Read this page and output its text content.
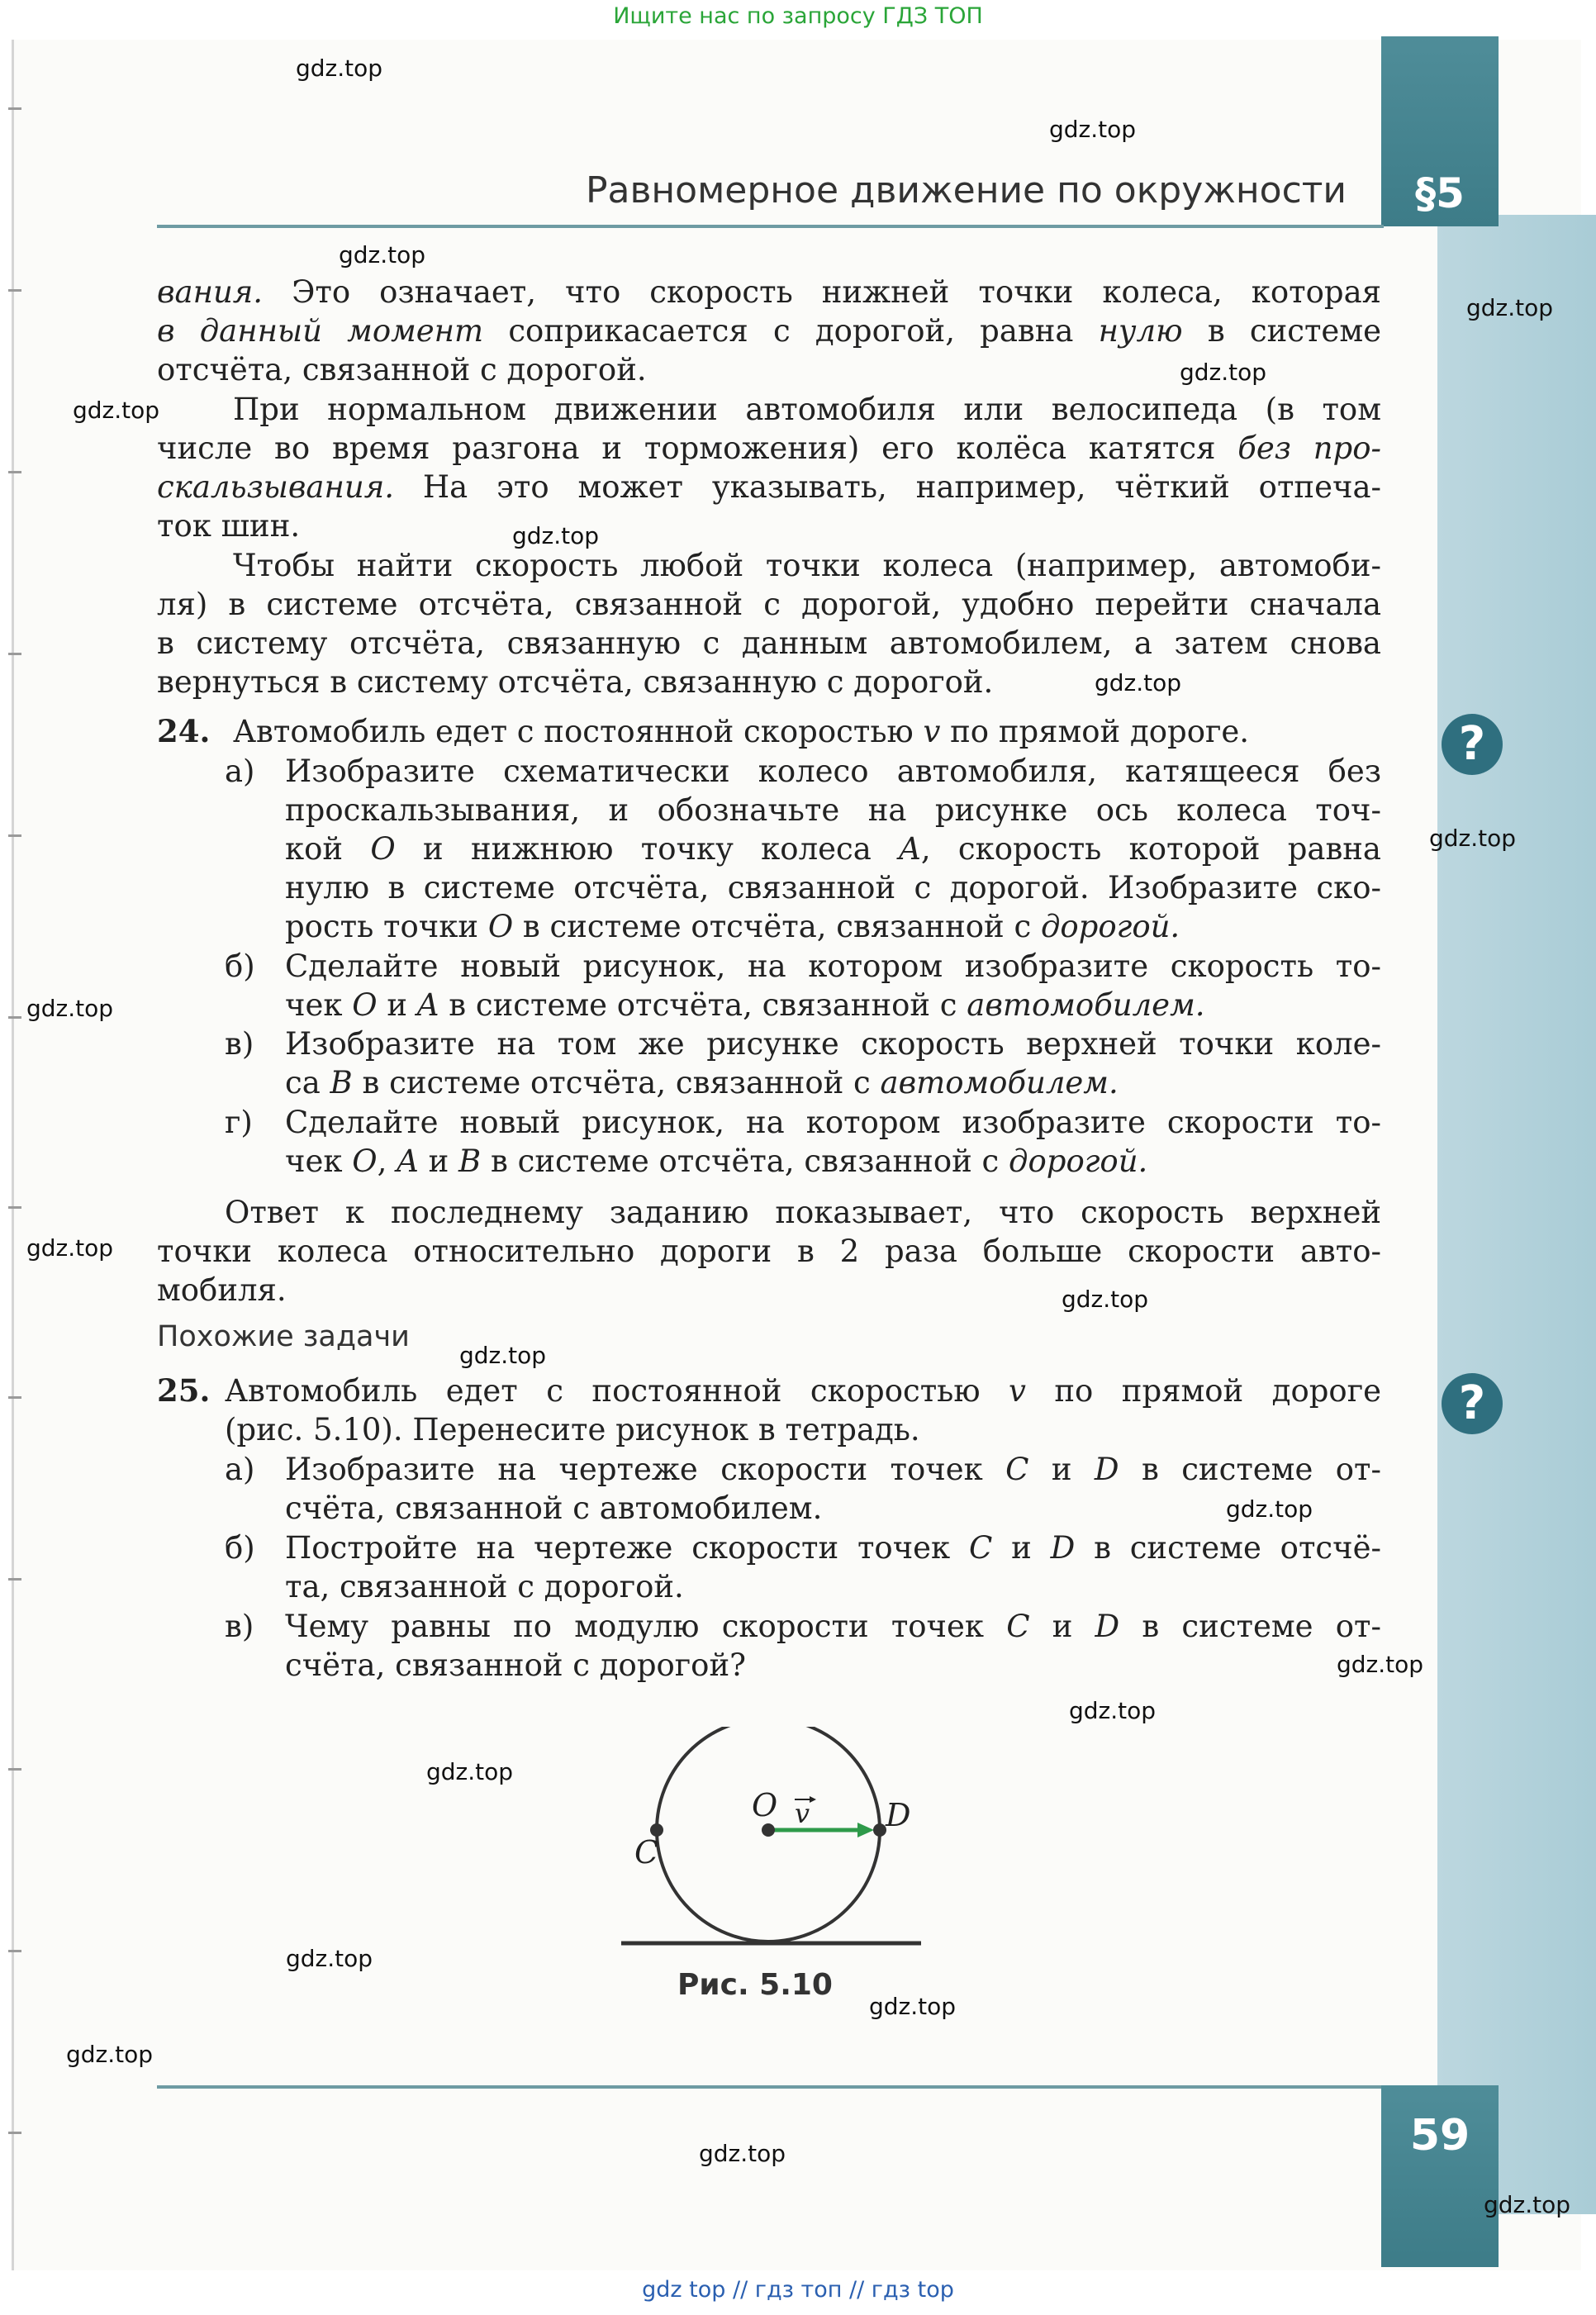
Ищите нас по запросу ГДЗ ТОП
gdz top // гдз топ // гдз top
§5
Равномерное движение по окружности
вания. Это означает, что скорость нижней точки колеса, которая
в данный момент соприкасается с дорогой, равна нулю в системе
отсчёта, связанной с дорогой.
При нормальном движении автомобиля или велосипеда (в том
числе во время разгона и торможения) его колёса катятся без про-
скальзывания. На это может указывать, например, чёткий отпеча-
ток шин.
Чтобы найти скорость любой точки колеса (например, автомоби-
ля) в системе отсчёта, связанной с дорогой, удобно перейти сначала
в систему отсчёта, связанную с данным автомобилем, а затем снова
вернуться в систему отсчёта, связанную с дорогой.
24. Автомобиль едет с постоянной скоростью v по прямой дороге.
а) Изобразите схематически колесо автомобиля, катящееся без
проскальзывания, и обозначьте на рисунке ось колеса точ-
кой O и нижнюю точку колеса A, скорость которой равна
нулю в системе отсчёта, связанной с дорогой. Изобразите ско-
рость точки O в системе отсчёта, связанной с дорогой.
б) Сделайте новый рисунок, на котором изобразите скорость то-
чек O и A в системе отсчёта, связанной с автомобилем.
в) Изобразите на том же рисунке скорость верхней точки коле-
са B в системе отсчёта, связанной с автомобилем.
г) Сделайте новый рисунок, на котором изобразите скорости то-
чек O, A и B в системе отсчёта, связанной с дорогой.
Ответ к последнему заданию показывает, что скорость верхней
точки колеса относительно дороги в 2 раза больше скорости авто-
мобиля.
Похожие задачи
25. Автомобиль едет с постоянной скоростью v по прямой дороге
(рис. 5.10). Перенесите рисунок в тетрадь.
а) Изобразите на чертеже скорости точек C и D в системе от-
счёта, связанной с автомобилем.
б) Постройте на чертеже скорости точек C и D в системе отсчё-
та, связанной с дорогой.
в) Чему равны по модулю скорости точек C и D в системе от-
счёта, связанной с дорогой?
?
?
O	D
C
v
Рис. 5.10
59
gdz.top
gdz.top
gdz.top
gdz.top
gdz.top
gdz.top
gdz.top
gdz.top
gdz.top
gdz.top
gdz.top
gdz.top
gdz.top
gdz.top
gdz.top
gdz.top
gdz.top
gdz.top
gdz.top
gdz.top
gdz.top
gdz.top
